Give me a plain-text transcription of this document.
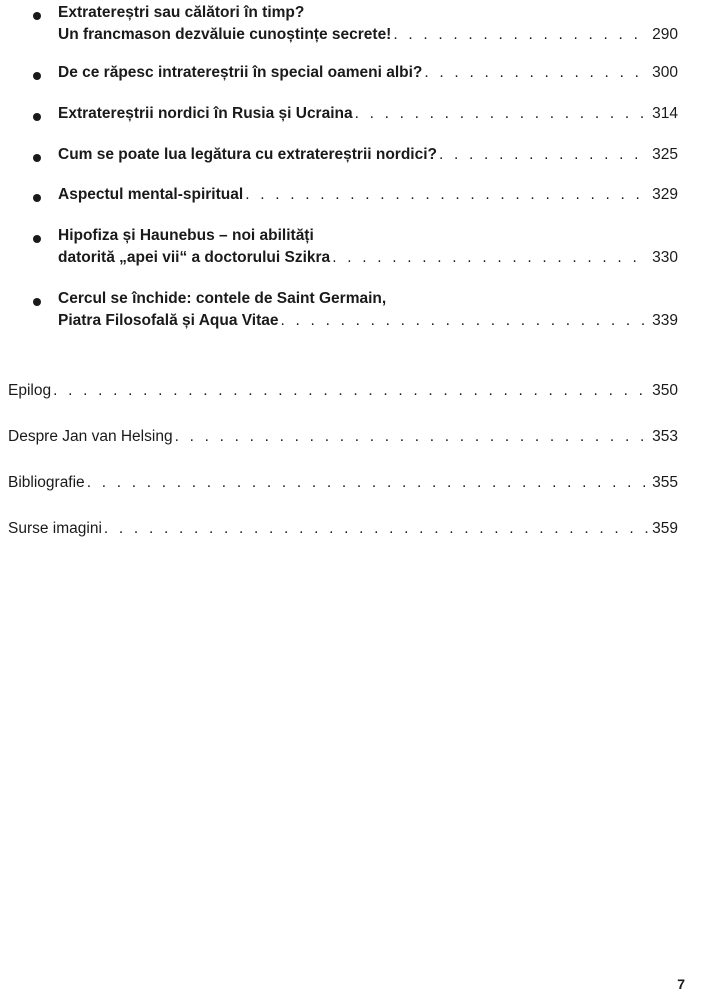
Extratereștri sau călători în timp?
Un francmason dezvăluie cunoștințe secrete! . . .	290
De ce răpesc intratereștrii în special oameni albi? . . .	300
Extratereștrii nordici în Rusia și Ucraina . . .	314
Cum se poate lua legătura cu extratereștrii nordici? . . .	325
Aspectul mental-spiritual . . .	329
Hipofiza și Haunebus – noi abilități
datorită „apei vii“ a doctorului Szikra . . .	330
Cercul se închide: contele de Saint Germain,
Piatra Filosofală și Aqua Vitae . . .	339
Epilog . . .	350
Despre Jan van Helsing . . .	353
Bibliografie . . .	355
Surse imagini . . .	359
7
